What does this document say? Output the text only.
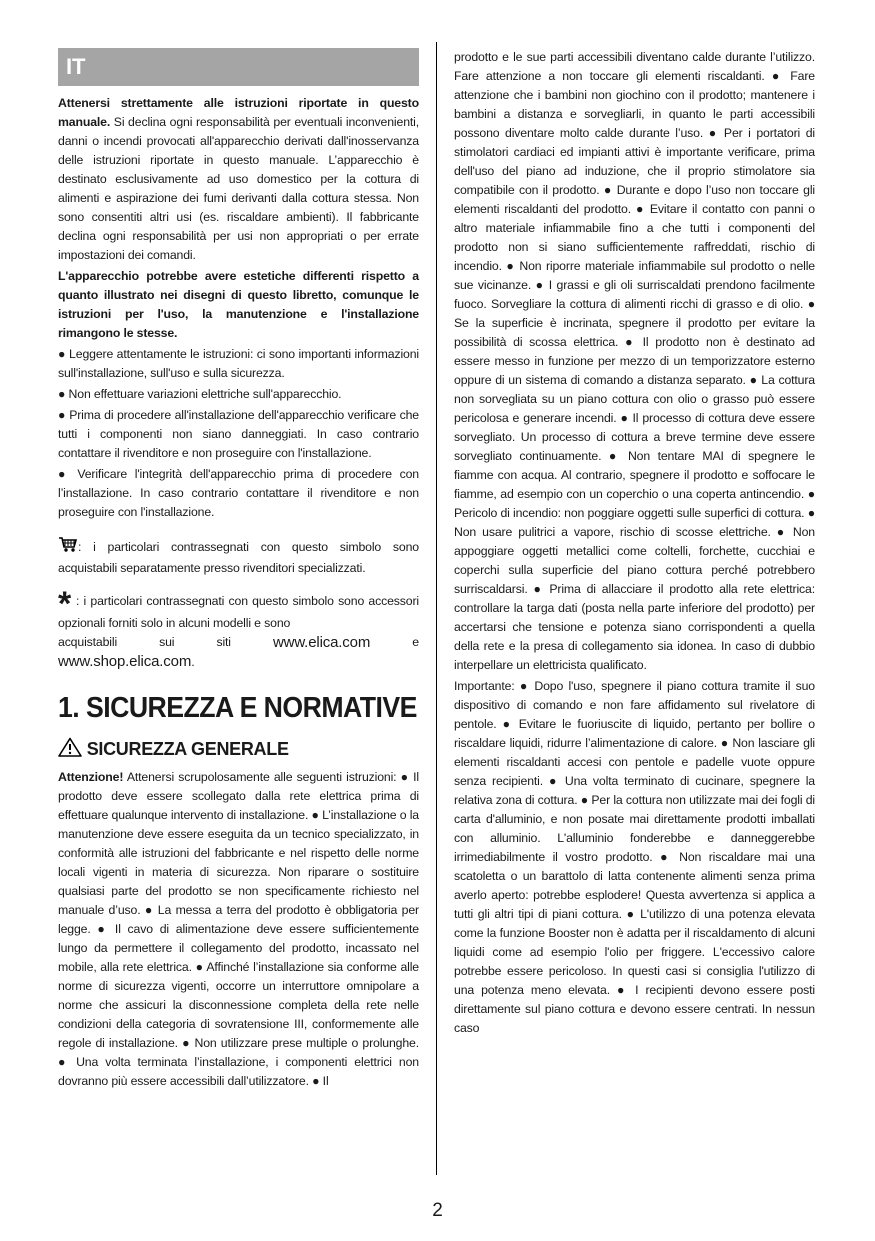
IT

Attenersi strettamente alle istruzioni riportate in questo manuale. Si declina ogni responsabilità per eventuali inconvenienti, danni o incendi provocati all'apparecchio derivati dall'inosservanza delle istruzioni riportate in questo manuale. L’apparecchio è destinato esclusivamente ad uso domestico per la cottura di alimenti e aspirazione dei fumi derivanti dalla cottura stessa. Non sono consentiti altri usi (es. riscaldare ambienti). Il fabbricante declina ogni responsabilità per usi non appropriati o per errate impostazioni dei comandi.

L'apparecchio potrebbe avere estetiche differenti rispetto a quanto illustrato nei disegni di questo libretto, comunque le istruzioni per l'uso, la manutenzione e l'installazione rimangono le stesse.

● Leggere attentamente le istruzioni: ci sono importanti informazioni sull'installazione, sull'uso e sulla sicurezza.

● Non effettuare variazioni elettriche sull'apparecchio.

● Prima di procedere all'installazione dell'apparecchio verificare che tutti i componenti non siano danneggiati. In caso contrario contattare il rivenditore e non proseguire con l'installazione.

● Verificare l'integrità dell'apparecchio prima di procedere con l’installazione. In caso contrario contattare il rivenditore e non proseguire con l'installazione.

: i particolari contrassegnati con questo simbolo sono acquistabili separatamente presso rivenditori specializzati.

* : i particolari contrassegnati con questo simbolo sono accessori opzionali forniti solo in alcuni modelli e sono

acquistabili	sui	siti	www.elica.com	e

www.shop.elica.com.

1. SICUREZZA E NORMATIVE
SICUREZZA GENERALE

Attenzione! Attenersi scrupolosamente alle seguenti istruzioni: ● Il prodotto deve essere scollegato dalla rete elettrica prima di effettuare qualunque intervento di installazione. ● L’installazione o la manutenzione deve essere eseguita da un tecnico specializzato, in conformità alle istruzioni del fabbricante e nel rispetto delle norme locali vigenti in materia di sicurezza. Non riparare o sostituire qualsiasi parte del prodotto se non specificamente richiesto nel manuale d’uso. ● La messa a terra del prodotto è obbligatoria per legge. ● Il cavo di alimentazione deve essere sufficientemente lungo da permettere il collegamento del prodotto, incassato nel mobile, alla rete elettrica. ● Affinché l’installazione sia conforme alle norme di sicurezza vigenti, occorre un interruttore omnipolare a norme che assicuri la disconnessione completa della rete nelle condizioni della categoria di sovratensione III, conformemente alle regole di installazione. ● Non utilizzare prese multiple o prolunghe. ● Una volta terminata l’installazione, i componenti elettrici non dovranno più essere accessibili dall’utilizzatore. ● Il

prodotto e le sue parti accessibili diventano calde durante l’utilizzo. Fare attenzione a non toccare gli elementi riscaldanti. ● Fare attenzione che i bambini non giochino con il prodotto; mantenere i bambini a distanza e sorvegliarli, in quanto le parti accessibili possono diventare molto calde durante l’uso. ● Per i portatori di stimolatori cardiaci ed impianti attivi è importante verificare, prima dell'uso del piano ad induzione, che il proprio stimolatore sia compatibile con il prodotto. ● Durante e dopo l’uso non toccare gli elementi riscaldanti del prodotto. ● Evitare il contatto con panni o altro materiale infiammabile fino a che tutti i componenti del prodotto non si siano sufficientemente raffreddati, rischio di incendio. ● Non riporre materiale infiammabile sul prodotto o nelle sue vicinanze. ● I grassi e gli oli surriscaldati prendono facilmente fuoco. Sorvegliare la cottura di alimenti ricchi di grasso e di olio. ● Se la superficie è incrinata, spegnere il prodotto per evitare la possibilità di scossa elettrica. ● Il prodotto non è destinato ad essere messo in funzione per mezzo di un temporizzatore esterno oppure di un sistema di comando a distanza separato. ● La cottura non sorvegliata su un piano cottura con olio o grasso può essere pericolosa e generare incendi. ● Il processo di cottura deve essere sorvegliato. Un processo di cottura a breve termine deve essere sorvegliato continuamente. ● Non tentare MAI di spegnere le fiamme con acqua. Al contrario, spegnere il prodotto e soffocare le fiamme, ad esempio con un coperchio o una coperta antincendio. ● Pericolo di incendio: non poggiare oggetti sulle superfici di cottura. ● Non usare pulitrici a vapore, rischio di scosse elettriche. ● Non appoggiare oggetti metallici come coltelli, forchette, cucchiai e coperchi sulla superficie del piano cottura perché potrebbero surriscaldarsi. ● Prima di allacciare il prodotto alla rete elettrica: controllare la targa dati (posta nella parte inferiore del prodotto) per accertarsi che tensione e potenza siano corrispondenti a quella della rete e la presa di collegamento sia idonea. In caso di dubbio interpellare un elettricista qualificato.

Importante: ● Dopo l'uso, spegnere il piano cottura tramite il suo dispositivo di comando e non fare affidamento sul rivelatore di pentole. ● Evitare le fuoriuscite di liquido, pertanto per bollire o riscaldare liquidi, ridurre l’alimentazione di calore. ● Non lasciare gli elementi riscaldanti accesi con pentole e padelle vuote oppure senza recipienti. ● Una volta terminato di cucinare, spegnere la relativa zona di cottura. ● Per la cottura non utilizzate mai dei fogli di carta d'alluminio, e non posate mai direttamente prodotti imballati con alluminio. L'alluminio fonderebbe e danneggerebbe irrimediabilmente il vostro prodotto. ● Non riscaldare mai una scatoletta o un barattolo di latta contenente alimenti senza prima averlo aperto: potrebbe esplodere! Questa avvertenza si applica a tutti gli altri tipi di piani cottura. ● L'utilizzo di una potenza elevata come la funzione Booster non è adatta per il riscaldamento di alcuni liquidi come ad esempio l'olio per friggere. L'eccessivo calore potrebbe essere pericoloso. In questi casi si consiglia l'utilizzo di una potenza meno elevata. ● I recipienti devono essere posti direttamente sul piano cottura e devono essere centrati. In nessun caso

2
